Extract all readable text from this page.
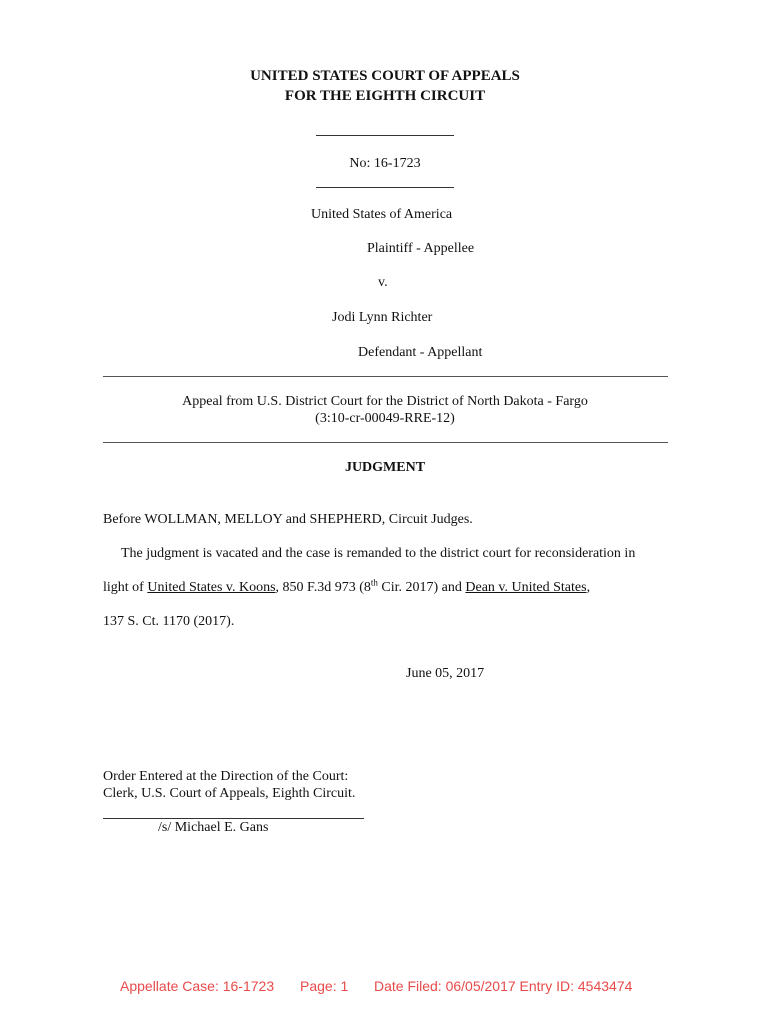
UNITED STATES COURT OF APPEALS
FOR THE EIGHTH CIRCUIT
No: 16-1723
United States of America
Plaintiff - Appellee
v.
Jodi Lynn Richter
Defendant - Appellant
Appeal from U.S. District Court for the District of North Dakota - Fargo
(3:10-cr-00049-RRE-12)
JUDGMENT
Before WOLLMAN, MELLOY and SHEPHERD, Circuit Judges.
The judgment is vacated and the case is remanded to the district court for reconsideration in
light of United States v. Koons, 850 F.3d 973 (8th Cir. 2017) and Dean v. United States,
137 S. Ct. 1170 (2017).
June 05, 2017
Order Entered at the Direction of the Court:
Clerk, U.S. Court of Appeals, Eighth Circuit.
/s/ Michael E. Gans
Appellate Case: 16-1723 Page: 1 Date Filed: 06/05/2017 Entry ID: 4543474
